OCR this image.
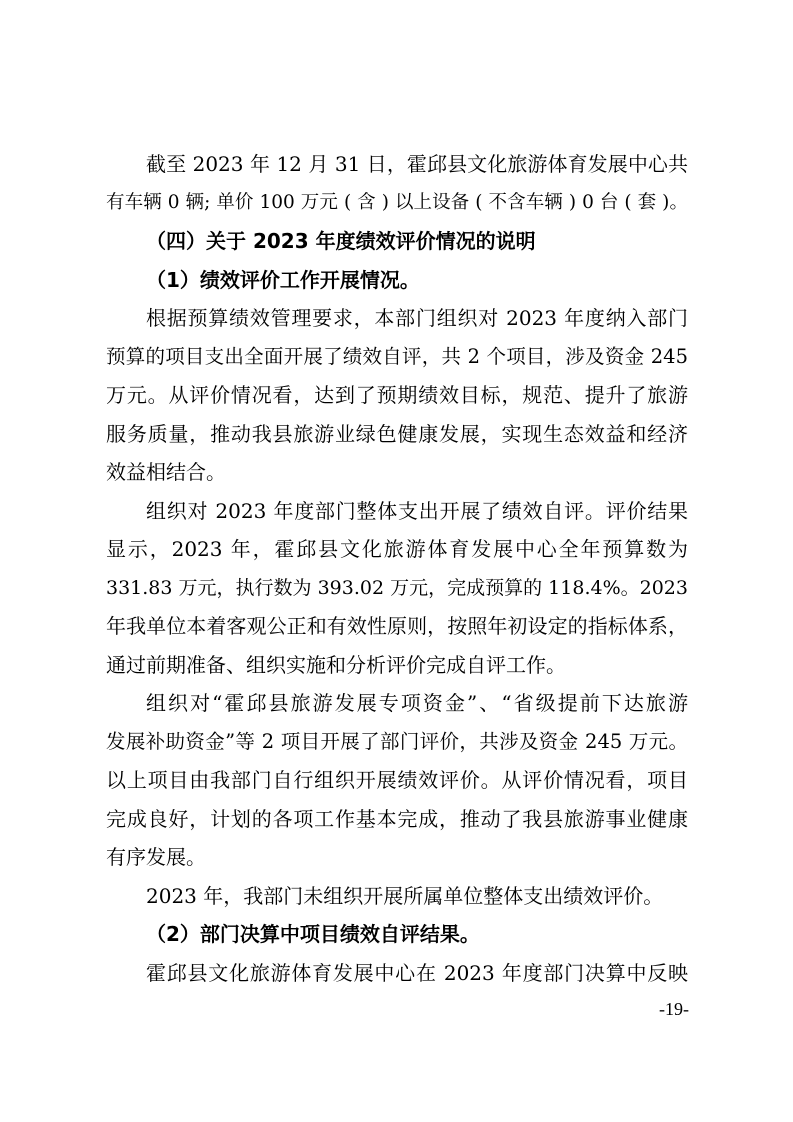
截至 2023 年 12 月 31 日，霍邱县文化旅游体育发展中心共

有车辆 0 辆; 单价 100 万元 ( 含 ) 以上设备 ( 不含车辆 ) 0 台 ( 套 )。

（四）关于 2023 年度绩效评价情况的说明

（1）绩效评价工作开展情况。

根据预算绩效管理要求，本部门组织对 2023 年度纳入部门

预算的项目支出全面开展了绩效自评，共 2 个项目，涉及资金 245

万元。从评价情况看，达到了预期绩效目标，规范、提升了旅游

服务质量，推动我县旅游业绿色健康发展，实现生态效益和经济

效益相结合。

组织对 2023 年度部门整体支出开展了绩效自评。评价结果

显示，2023 年，霍邱县文化旅游体育发展中心全年预算数为

331.83 万元，执行数为 393.02 万元，完成预算的 118.4%。2023

年我单位本着客观公正和有效性原则，按照年初设定的指标体系，

通过前期准备、组织实施和分析评价完成自评工作。

组织对“霍邱县旅游发展专项资金”、“省级提前下达旅游

发展补助资金”等 2 项目开展了部门评价，共涉及资金 245 万元。

以上项目由我部门自行组织开展绩效评价。从评价情况看，项目

完成良好，计划的各项工作基本完成，推动了我县旅游事业健康

有序发展。

2023 年，我部门未组织开展所属单位整体支出绩效评价。

（2）部门决算中项目绩效自评结果。

霍邱县文化旅游体育发展中心在 2023 年度部门决算中反映

-19-
